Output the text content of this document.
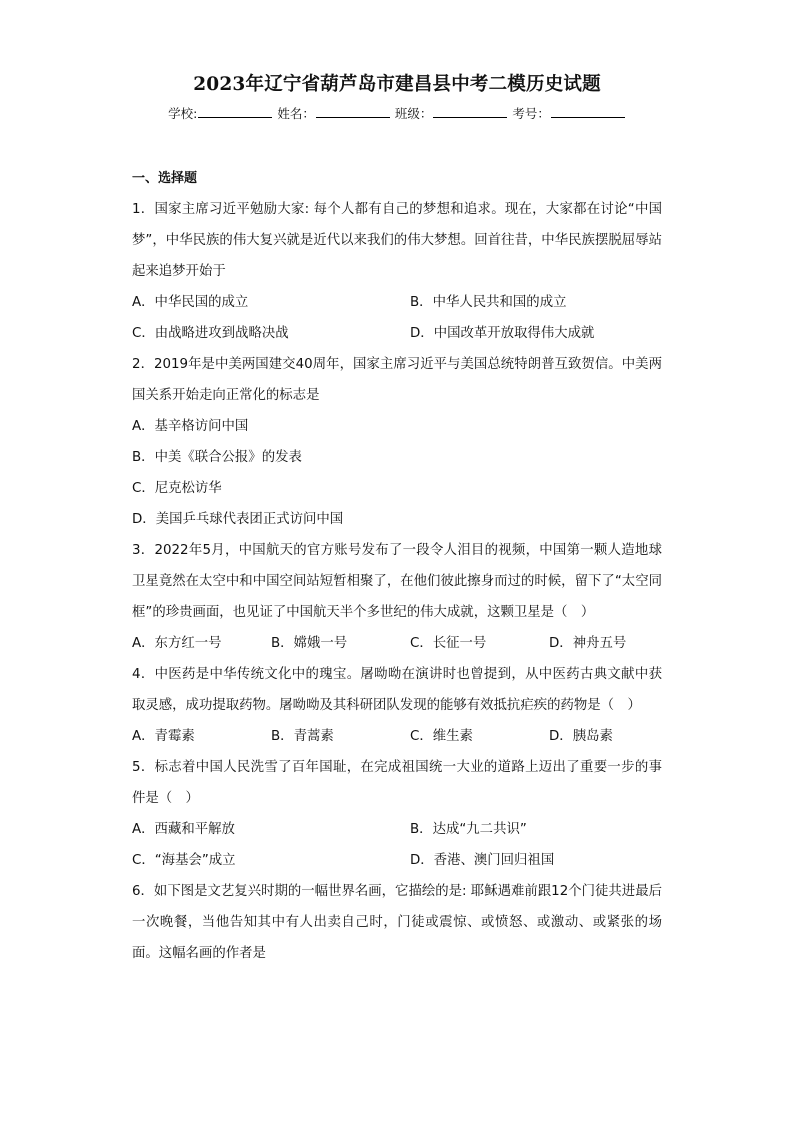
2023年辽宁省葫芦岛市建昌县中考二模历史试题
学校:	姓名：	班级：	考号：
一、选择题
1．国家主席习近平勉励大家: 每个人都有自己的梦想和追求。现在，大家都在讨论“中国梦”，中华民族的伟大复兴就是近代以来我们的伟大梦想。回首往昔，中华民族摆脱屈辱站起来追梦开始于
A．中华民国的成立	B．中华人民共和国的成立
C．由战略进攻到战略决战	D．中国改革开放取得伟大成就
2．2019年是中美两国建交40周年，国家主席习近平与美国总统特朗普互致贺信。中美两国关系开始走向正常化的标志是
A．基辛格访问中国
B．中美《联合公报》的发表
C．尼克松访华
D．美国乒乓球代表团正式访问中国
3．2022年5月，中国航天的官方账号发布了一段令人泪目的视频，中国第一颗人造地球卫星竟然在太空中和中国空间站短暂相聚了，在他们彼此擦身而过的时候，留下了“太空同框”的珍贵画面，也见证了中国航天半个多世纪的伟大成就，这颗卫星是（　）
A．东方红一号	B．嫦娥一号	C．长征一号	D．神舟五号
4．中医药是中华传统文化中的瑰宝。屠呦呦在演讲时也曾提到，从中医药古典文献中获取灵感，成功提取药物。屠呦呦及其科研团队发现的能够有效抵抗疟疾的药物是（　）
A．青霉素	B．青蒿素	C．维生素	D．胰岛素
5．标志着中国人民洗雪了百年国耻，在完成祖国统一大业的道路上迈出了重要一步的事件是（　）
A．西藏和平解放	B．达成“九二共识”
C．“海基会”成立	D．香港、澳门回归祖国
6．如下图是文艺复兴时期的一幅世界名画，它描绘的是: 耶稣遇难前跟12个门徒共进最后一次晚餐，当他告知其中有人出卖自己时，门徒或震惊、或愤怒、或激动、或紧张的场面。这幅名画的作者是
